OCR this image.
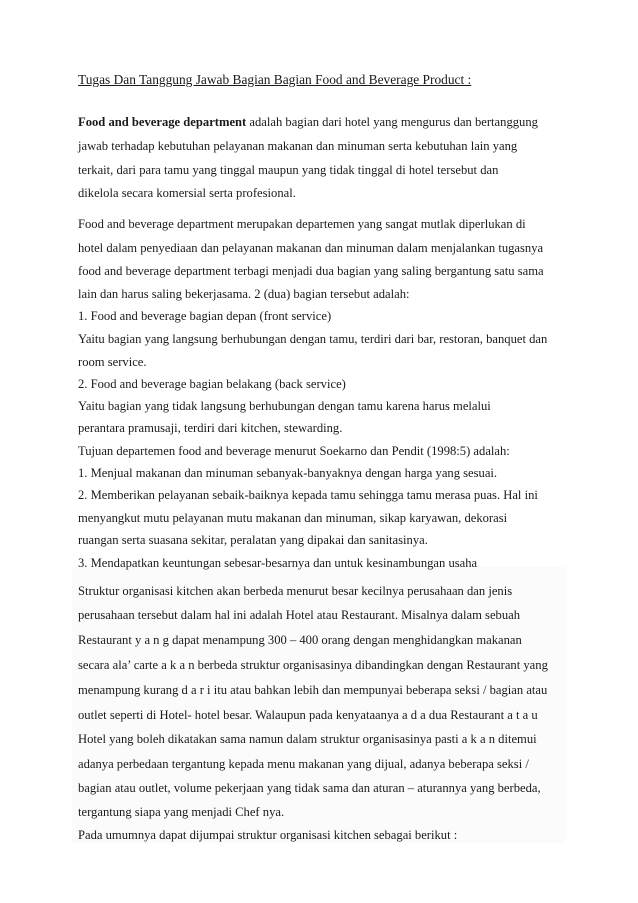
Tugas Dan Tanggung Jawab Bagian Bagian Food and Beverage Product :
Food and beverage department adalah bagian dari hotel yang mengurus dan bertanggung
jawab terhadap kebutuhan pelayanan makanan dan minuman serta kebutuhan lain yang
terkait, dari para tamu yang tinggal maupun yang tidak tinggal di hotel tersebut dan
dikelola secara komersial serta profesional.
Food and beverage department merupakan departemen yang sangat mutlak diperlukan di
hotel dalam penyediaan dan pelayanan makanan dan minuman dalam menjalankan tugasnya
food and beverage department terbagi menjadi dua bagian yang saling bergantung satu sama
lain dan harus saling bekerjasama. 2 (dua) bagian tersebut adalah:
1. Food and beverage bagian depan (front service)
Yaitu bagian yang langsung berhubungan dengan tamu, terdiri dari bar, restoran, banquet dan
room service.
2. Food and beverage bagian belakang (back service)
Yaitu bagian yang tidak langsung berhubungan dengan tamu karena harus melalui
perantara pramusaji, terdiri dari kitchen, stewarding.
Tujuan departemen food and beverage menurut Soekarno dan Pendit (1998:5) adalah:
1. Menjual makanan dan minuman sebanyak-banyaknya dengan harga yang sesuai.
2. Memberikan pelayanan sebaik-baiknya kepada tamu sehingga tamu merasa puas. Hal ini
menyangkut mutu pelayanan mutu makanan dan minuman, sikap karyawan, dekorasi
ruangan serta suasana sekitar, peralatan yang dipakai dan sanitasinya.
3. Mendapatkan keuntungan sebesar-besarnya dan untuk kesinambungan usaha
Struktur organisasi kitchen akan berbeda menurut besar kecilnya perusahaan dan jenis
perusahaan tersebut dalam hal ini adalah Hotel atau Restaurant. Misalnya dalam sebuah
Restaurant y a n g dapat menampung 300 – 400 orang dengan menghidangkan makanan
secara ala’ carte a k a n berbeda struktur organisasinya dibandingkan dengan Restaurant yang
menampung kurang d a r i itu atau bahkan lebih dan mempunyai beberapa seksi / bagian atau
outlet seperti di Hotel- hotel besar. Walaupun pada kenyataanya a d a dua Restaurant a t a u
Hotel yang boleh dikatakan sama namun dalam struktur organisasinya pasti a k a n ditemui
adanya perbedaan tergantung kepada menu makanan yang dijual, adanya beberapa seksi /
bagian atau outlet, volume pekerjaan yang tidak sama dan aturan – aturannya yang berbeda,
tergantung siapa yang menjadi Chef nya.
Pada umumnya dapat dijumpai struktur organisasi kitchen sebagai berikut :
